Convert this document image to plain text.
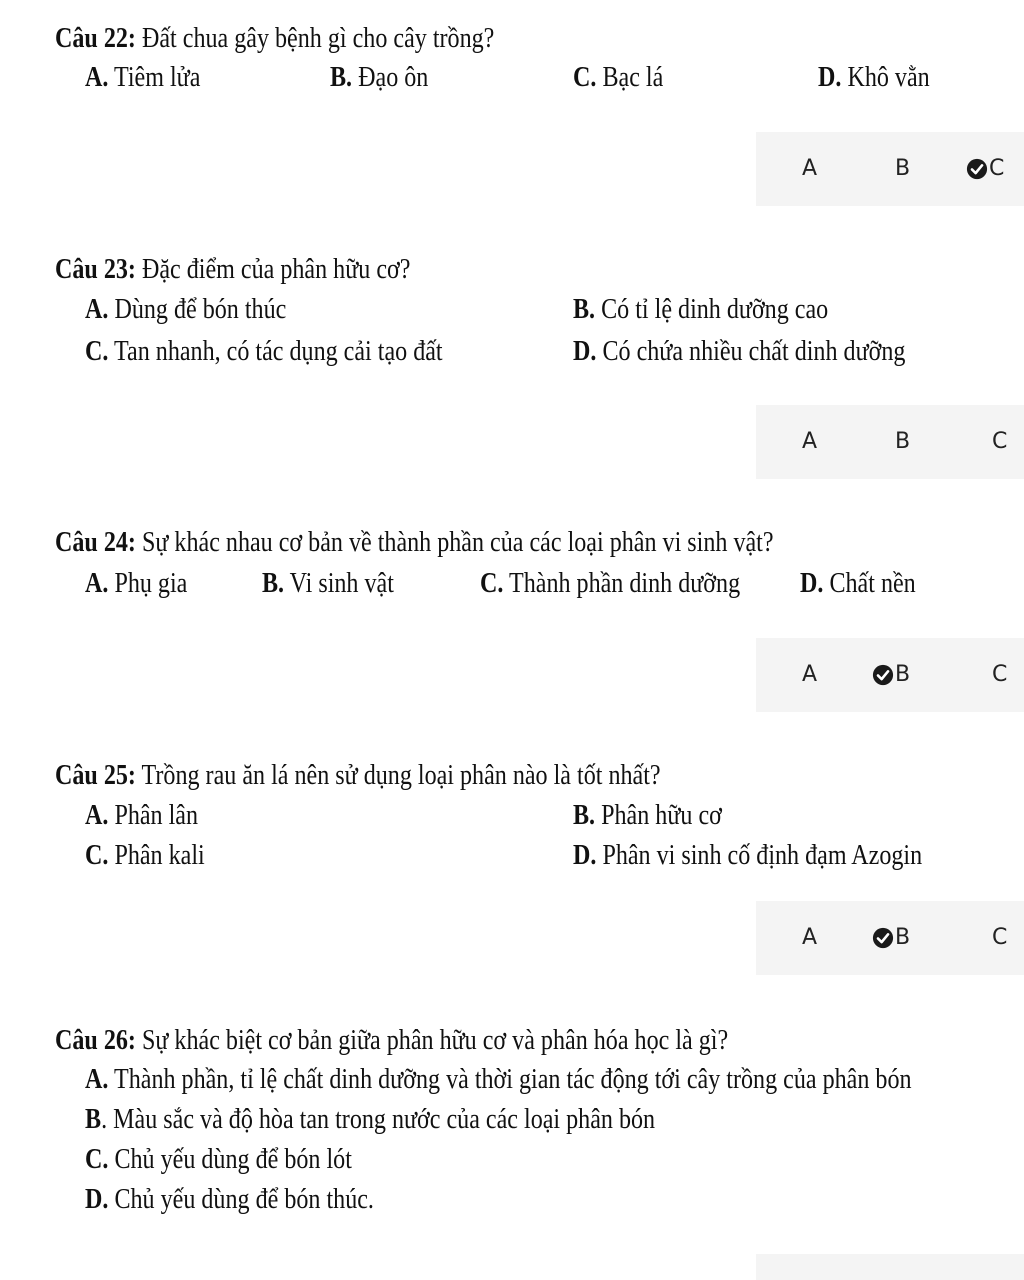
Câu 22: Đất chua gây bệnh gì cho cây trồng?
A. Tiêm lửa	B. Đạo ôn	C. Bạc lá	D. Khô vằn
A	B	C
Câu 23: Đặc điểm của phân hữu cơ?
A. Dùng để bón thúc	B. Có tỉ lệ dinh dưỡng cao
C. Tan nhanh, có tác dụng cải tạo đất	D. Có chứa nhiều chất dinh dưỡng
A	B	C
Câu 24: Sự khác nhau cơ bản về thành phần của các loại phân vi sinh vật?
A. Phụ gia	B. Vi sinh vật	C. Thành phần dinh dưỡng D. Chất nền
A	B	C
Câu 25: Trồng rau ăn lá nên sử dụng loại phân nào là tốt nhất?
A. Phân lân	B. Phân hữu cơ
C. Phân kali	D. Phân vi sinh cố định đạm Azogin
A	B	C
Câu 26: Sự khác biệt cơ bản giữa phân hữu cơ và phân hóa học là gì?
A. Thành phần, tỉ lệ chất dinh dưỡng và thời gian tác động tới cây trồng của phân bón
B. Màu sắc và độ hòa tan trong nước của các loại phân bón
C. Chủ yếu dùng để bón lót
D. Chủ yếu dùng để bón thúc.
